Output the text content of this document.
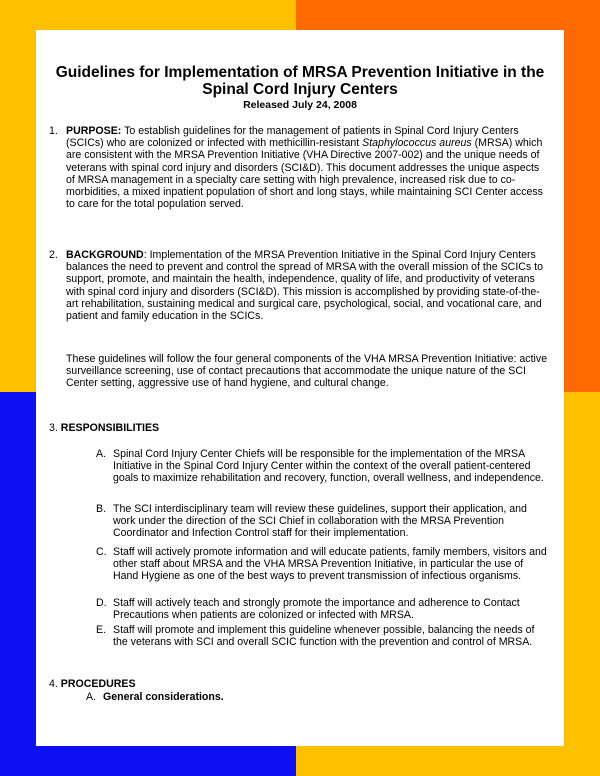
Guidelines for Implementation of MRSA Prevention Initiative in the Spinal Cord Injury Centers
Released July 24, 2008
1. PURPOSE: To establish guidelines for the management of patients in Spinal Cord Injury Centers (SCICs) who are colonized or infected with methicillin-resistant Staphylococcus aureus (MRSA) which are consistent with the MRSA Prevention Initiative (VHA Directive 2007-002) and the unique needs of veterans with spinal cord injury and disorders (SCI&D). This document addresses the unique aspects of MRSA management in a specialty care setting with high prevalence, increased risk due to co-morbidities, a mixed inpatient population of short and long stays, while maintaining SCI Center access to care for the total population served.

2. BACKGROUND: Implementation of the MRSA Prevention Initiative in the Spinal Cord Injury Centers balances the need to prevent and control the spread of MRSA with the overall mission of the SCICs to support, promote, and maintain the health, independence, quality of life, and productivity of veterans with spinal cord injury and disorders (SCI&D). This mission is accomplished by providing state-of-the-art rehabilitation, sustaining medical and surgical care, psychological, social, and vocational care, and patient and family education in the SCICs.

These guidelines will follow the four general components of the VHA MRSA Prevention Initiative: active surveillance screening, use of contact precautions that accommodate the unique nature of the SCI Center setting, aggressive use of hand hygiene, and cultural change.

3. RESPONSIBILITIES
A. Spinal Cord Injury Center Chiefs will be responsible for the implementation of the MRSA Initiative in the Spinal Cord Injury Center within the context of the overall patient-centered goals to maximize rehabilitation and recovery, function, overall wellness, and independence.
B. The SCI interdisciplinary team will review these guidelines, support their application, and work under the direction of the SCI Chief in collaboration with the MRSA Prevention Coordinator and Infection Control staff for their implementation.
C. Staff will actively promote information and will educate patients, family members, visitors and other staff about MRSA and the VHA MRSA Prevention Initiative, in particular the use of Hand Hygiene as one of the best ways to prevent transmission of infectious organisms.
D. Staff will actively teach and strongly promote the importance and adherence to Contact Precautions when patients are colonized or infected with MRSA.
E. Staff will promote and implement this guideline whenever possible, balancing the needs of the veterans with SCI and overall SCIC function with the prevention and control of MRSA.
4. PROCEDURES
A. General considerations.
